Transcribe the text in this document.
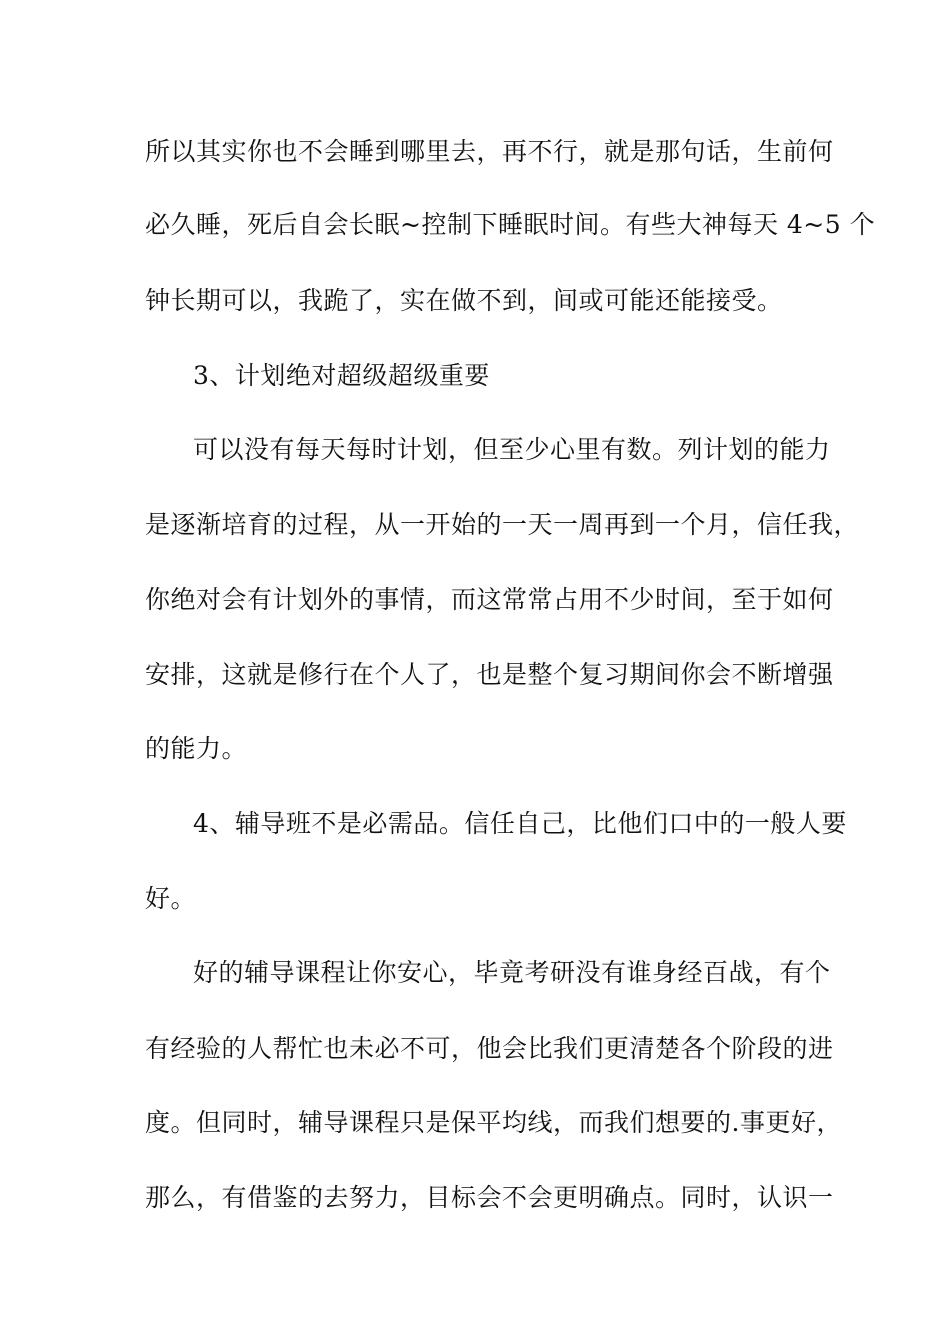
所以其实你也不会睡到哪里去，再不行，就是那句话，生前何
必久睡，死后自会长眠~控制下睡眠时间。有些大神每天 4~5 个
钟长期可以，我跪了，实在做不到，间或可能还能接受。
3、计划绝对超级超级重要
可以没有每天每时计划，但至少心里有数。列计划的能力
是逐渐培育的过程，从一开始的一天一周再到一个月，信任我，
你绝对会有计划外的事情，而这常常占用不少时间，至于如何
安排，这就是修行在个人了，也是整个复习期间你会不断增强
的能力。
4、辅导班不是必需品。信任自己，比他们口中的一般人要
好。
好的辅导课程让你安心，毕竟考研没有谁身经百战，有个
有经验的人帮忙也未必不可，他会比我们更清楚各个阶段的进
度。但同时，辅导课程只是保平均线，而我们想要的.事更好，
那么，有借鉴的去努力，目标会不会更明确点。同时，认识一
